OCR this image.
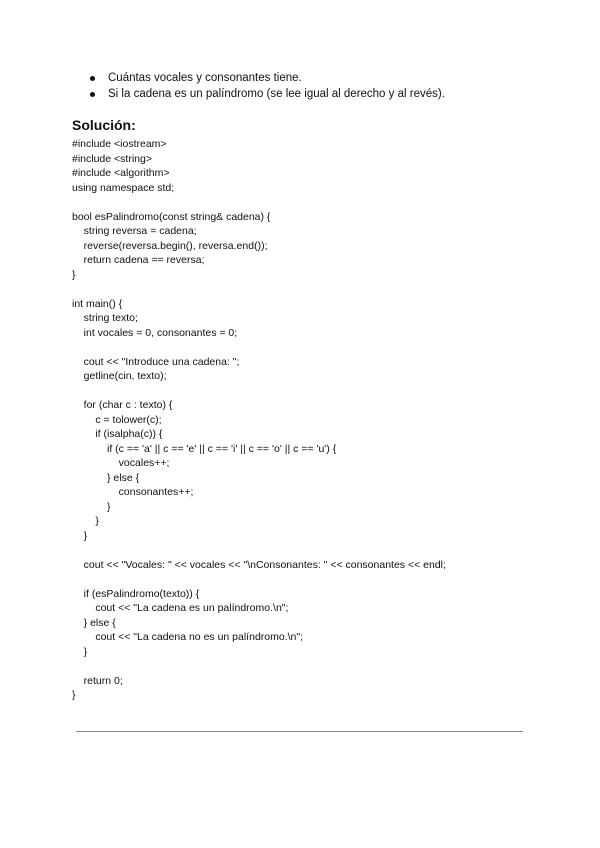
Cuántas vocales y consonantes tiene.
Si la cadena es un palíndromo (se lee igual al derecho y al revés).
Solución:
#include <iostream>
#include <string>
#include <algorithm>
using namespace std;

bool esPalindromo(const string& cadena) {
string reversa = cadena;
reverse(reversa.begin(), reversa.end());
return cadena == reversa;
}

int main() {
string texto;
int vocales = 0, consonantes = 0;

cout << "Introduce una cadena: ";
getline(cin, texto);

for (char c : texto) {
c = tolower(c);
if (isalpha(c)) {
if (c == 'a' || c == 'e' || c == 'i' || c == 'o' || c == 'u') {
vocales++;
} else {
consonantes++;
}
}
}

cout << "Vocales: " << vocales << "\nConsonantes: " << consonantes << endl;

if (esPalindromo(texto)) {
cout << "La cadena es un palíndromo.\n";
} else {
cout << "La cadena no es un palíndromo.\n";
}

return 0;
}
